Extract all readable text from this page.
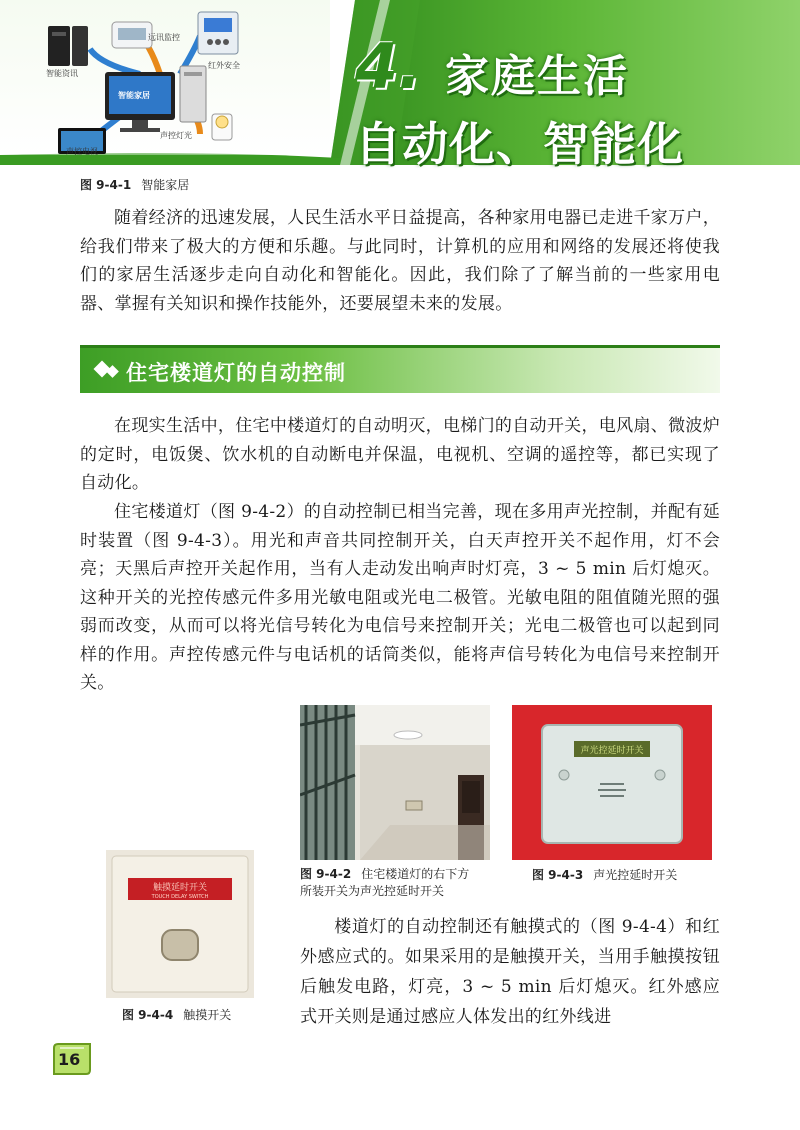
智能资讯
远讯监控
红外安全
智能家居
声控灯光
声控电视
4. 家庭生活
自动化、智能化
图 9-4-1 智能家居

随着经济的迅速发展，人民生活水平日益提高，各种家用电器已走进千家万户，给我们带来了极大的方便和乐趣。与此同时，计算机的应用和网络的发展还将使我们的家居生活逐步走向自动化和智能化。因此，我们除了了解当前的一些家用电器、掌握有关知识和操作技能外，还要展望未来的发展。

住宅楼道灯的自动控制

在现实生活中，住宅中楼道灯的自动明灭，电梯门的自动开关，电风扇、微波炉的定时，电饭煲、饮水机的自动断电并保温，电视机、空调的遥控等，都已实现了自动化。

住宅楼道灯（图 9-4-2）的自动控制已相当完善，现在多用声光控制，并配有延时装置（图 9-4-3）。用光和声音共同控制开关，白天声控开关不起作用，灯不会亮；天黑后声控开关起作用，当有人走动发出响声时灯亮，3 ~ 5 min 后灯熄灭。这种开关的光控传感元件多用光敏电阻或光电二极管。光敏电阻的阻值随光照的强弱而改变，从而可以将光信号转化为电信号来控制开关；光电二极管也可以起到同样的作用。声控传感元件与电话机的话筒类似，能将声信号转化为电信号来控制开关。

图 9-4-2 住宅楼道灯的右下方
所装开关为声光控延时开关
声光控延时开关
图 9-4-3 声光控延时开关
触摸延时开关
TOUCH DELAY SWITCH
图 9-4-4 触摸开关

楼道灯的自动控制还有触摸式的（图 9-4-4）和红外感应式的。如果采用的是触摸开关，当用手触摸按钮后触发电路，灯亮，3 ~ 5 min 后灯熄灭。红外感应式开关则是通过感应人体发出的红外线进

16
